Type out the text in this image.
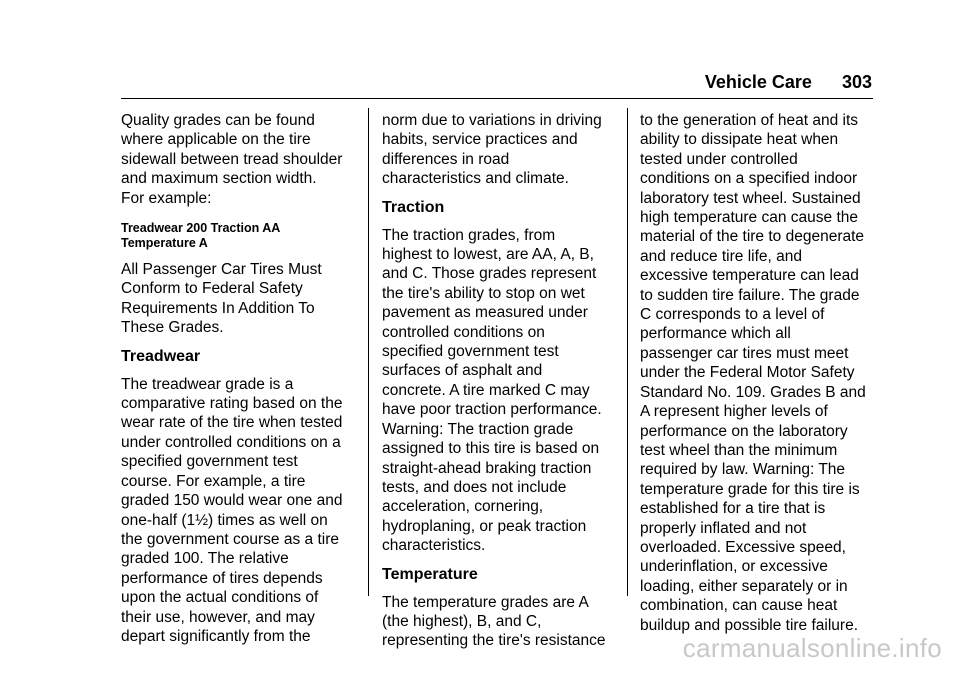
Vehicle Care 303

Quality grades can be found
where applicable on the tire
sidewall between tread shoulder
and maximum section width.
For example:

Treadwear 200 Traction AA
Temperature A

All Passenger Car Tires Must
Conform to Federal Safety
Requirements In Addition To
These Grades.

Treadwear

The treadwear grade is a
comparative rating based on the
wear rate of the tire when tested
under controlled conditions on a
specified government test
course. For example, a tire
graded 150 would wear one and
one-half (1½) times as well on
the government course as a tire
graded 100. The relative
performance of tires depends
upon the actual conditions of
their use, however, and may
depart significantly from the

norm due to variations in driving
habits, service practices and
differences in road
characteristics and climate.

Traction

The traction grades, from
highest to lowest, are AA, A, B,
and C. Those grades represent
the tire's ability to stop on wet
pavement as measured under
controlled conditions on
specified government test
surfaces of asphalt and
concrete. A tire marked C may
have poor traction performance.
Warning: The traction grade
assigned to this tire is based on
straight-ahead braking traction
tests, and does not include
acceleration, cornering,
hydroplaning, or peak traction
characteristics.

Temperature

The temperature grades are A
(the highest), B, and C,
representing the tire's resistance

to the generation of heat and its
ability to dissipate heat when
tested under controlled
conditions on a specified indoor
laboratory test wheel. Sustained
high temperature can cause the
material of the tire to degenerate
and reduce tire life, and
excessive temperature can lead
to sudden tire failure. The grade
C corresponds to a level of
performance which all
passenger car tires must meet
under the Federal Motor Safety
Standard No. 109. Grades B and
A represent higher levels of
performance on the laboratory
test wheel than the minimum
required by law. Warning: The
temperature grade for this tire is
established for a tire that is
properly inflated and not
overloaded. Excessive speed,
underinflation, or excessive
loading, either separately or in
combination, can cause heat
buildup and possible tire failure.

carmanualsonline.info
